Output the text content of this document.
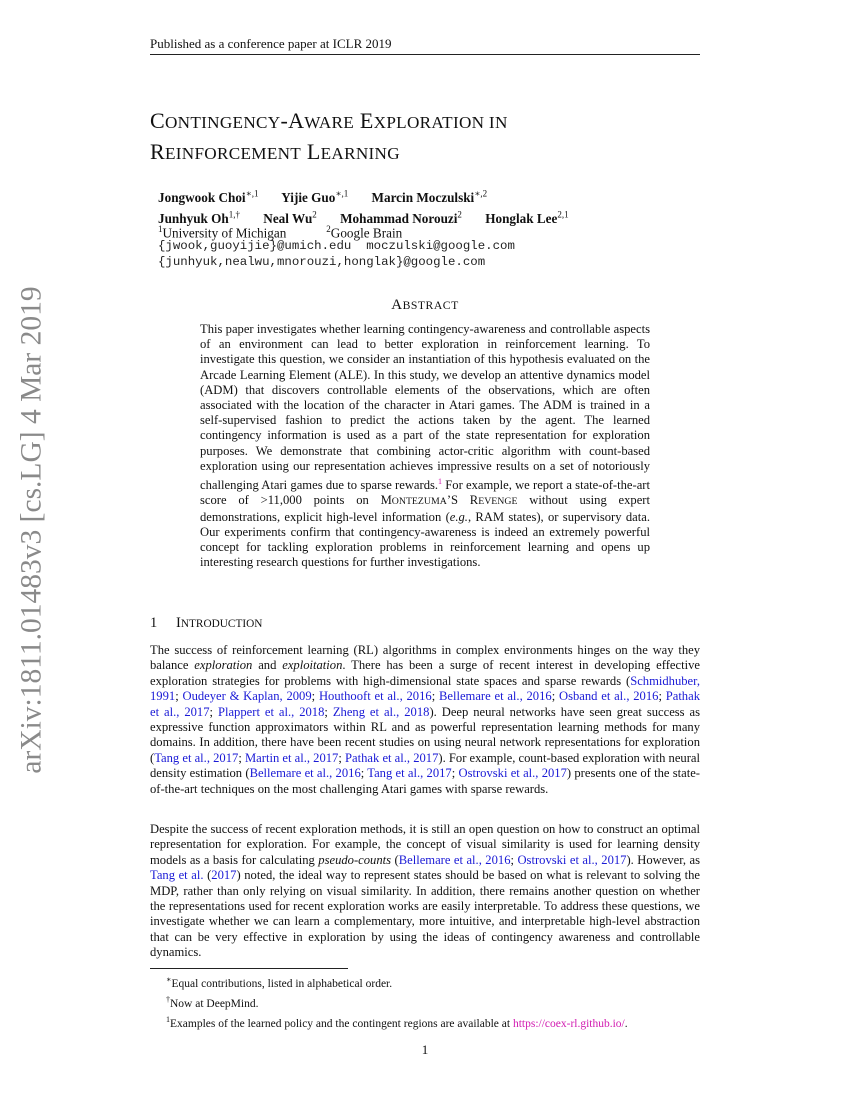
Published as a conference paper at ICLR 2019
arXiv:1811.01483v3 [cs.LG] 4 Mar 2019
CONTINGENCY-AWARE EXPLORATION IN
REINFORCEMENT LEARNING
Jongwook Choi$^{∗,1}$ Yijie Guo$^{∗,1}$ Marcin Moczulski$^{∗,2}$
Junhyuk $Oh^{1,\dagger}$ Neal Wu$^2$ Mohammad Norouzi$^2$ Honglak Lee$^{2,1}$
$^1$University of Michigan	$^2$Google Brain
{jwook,guoyijie}@umich.edu  moczulski@google.com
{junhyuk,nealwu,mnorouzi,honglak}@google.com
ABSTRACT
This paper investigates whether learning contingency-awareness and controllable aspects of an environment can lead to better exploration in reinforcement learning. To investigate this question, we consider an instantiation of this hypothesis evaluated on the Arcade Learning Element (ALE). In this study, we develop an attentive dynamics model (ADM) that discovers controllable elements of the observations, which are often associated with the location of the character in Atari games. The ADM is trained in a self-supervised fashion to predict the actions taken by the agent. The learned contingency information is used as a part of the state representation for exploration purposes. We demonstrate that combining actor-critic algorithm with count-based exploration using our representation achieves impressive results on a set of notoriously challenging Atari games due to sparse rewards.$^1$ For example, we report a state-of-the-art score of >11,000 points on MONTEZUMA’S REVENGE without using expert demonstrations, explicit high-level information (e.g., RAM states), or supervisory data. Our experiments confirm that contingency-awareness is indeed an extremely powerful concept for tackling exploration problems in reinforcement learning and opens up interesting research questions for further investigations.
1 INTRODUCTION
The success of reinforcement learning (RL) algorithms in complex environments hinges on the way they balance exploration and exploitation. There has been a surge of recent interest in developing effective exploration strategies for problems with high-dimensional state spaces and sparse rewards (Schmidhuber, 1991; Oudeyer & Kaplan, 2009; Houthooft et al., 2016; Bellemare et al., 2016; Osband et al., 2016; Pathak et al., 2017; Plappert et al., 2018; Zheng et al., 2018). Deep neural networks have seen great success as expressive function approximators within RL and as powerful representation learning methods for many domains. In addition, there have been recent studies on using neural network representations for exploration (Tang et al., 2017; Martin et al., 2017; Pathak et al., 2017). For example, count-based exploration with neural density estimation (Bellemare et al., 2016; Tang et al., 2017; Ostrovski et al., 2017) presents one of the state-of-the-art techniques on the most challenging Atari games with sparse rewards.
Despite the success of recent exploration methods, it is still an open question on how to construct an optimal representation for exploration. For example, the concept of visual similarity is used for learning density models as a basis for calculating pseudo-counts (Bellemare et al., 2016; Ostrovski et al., 2017). However, as Tang et al. (2017) noted, the ideal way to represent states should be based on what is relevant to solving the MDP, rather than only relying on visual similarity. In addition, there remains another question on whether the representations used for recent exploration works are easily interpretable. To address these questions, we investigate whether we can learn a complementary, more intuitive, and interpretable high-level abstraction that can be very effective in exploration by using the ideas of contingency awareness and controllable dynamics.
∗Equal contributions, listed in alphabetical order.
†Now at DeepMind.
$^1$Examples of the learned policy and the contingent regions are available at https://coex-rl.github.io/.
1
